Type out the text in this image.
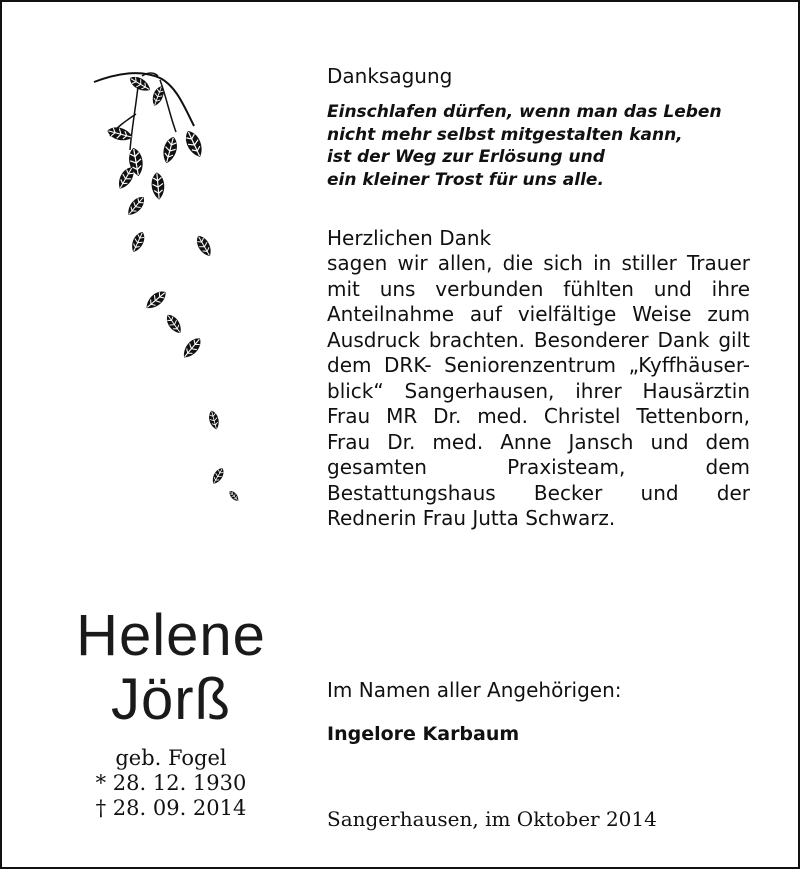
Helene
Jörß
geb. Fogel
* 28. 12. 1930
† 28. 09. 2014
Danksagung
Einschlafen dürfen, wenn man das Leben
nicht mehr selbst mitgestalten kann,
ist der Weg zur Erlösung und
ein kleiner Trost für uns alle.
Herzlichen Dank
sagen wir allen, die sich in stiller Trauer mit uns verbunden fühlten und ihre Anteilnahme auf vielfältige Weise zum Ausdruck brachten. Besonderer Dank gilt dem DRK- Seniorenzentrum „Kyffhäuser-blick“ Sangerhausen, ihrer Hausärztin Frau MR Dr. med. Christel Tettenborn, Frau Dr. med. Anne Jansch und dem gesamten Praxisteam, dem Bestattungshaus Becker und der Rednerin Frau Jutta Schwarz.
Im Namen aller Angehörigen:
Ingelore Karbaum
Sangerhausen, im Oktober 2014
